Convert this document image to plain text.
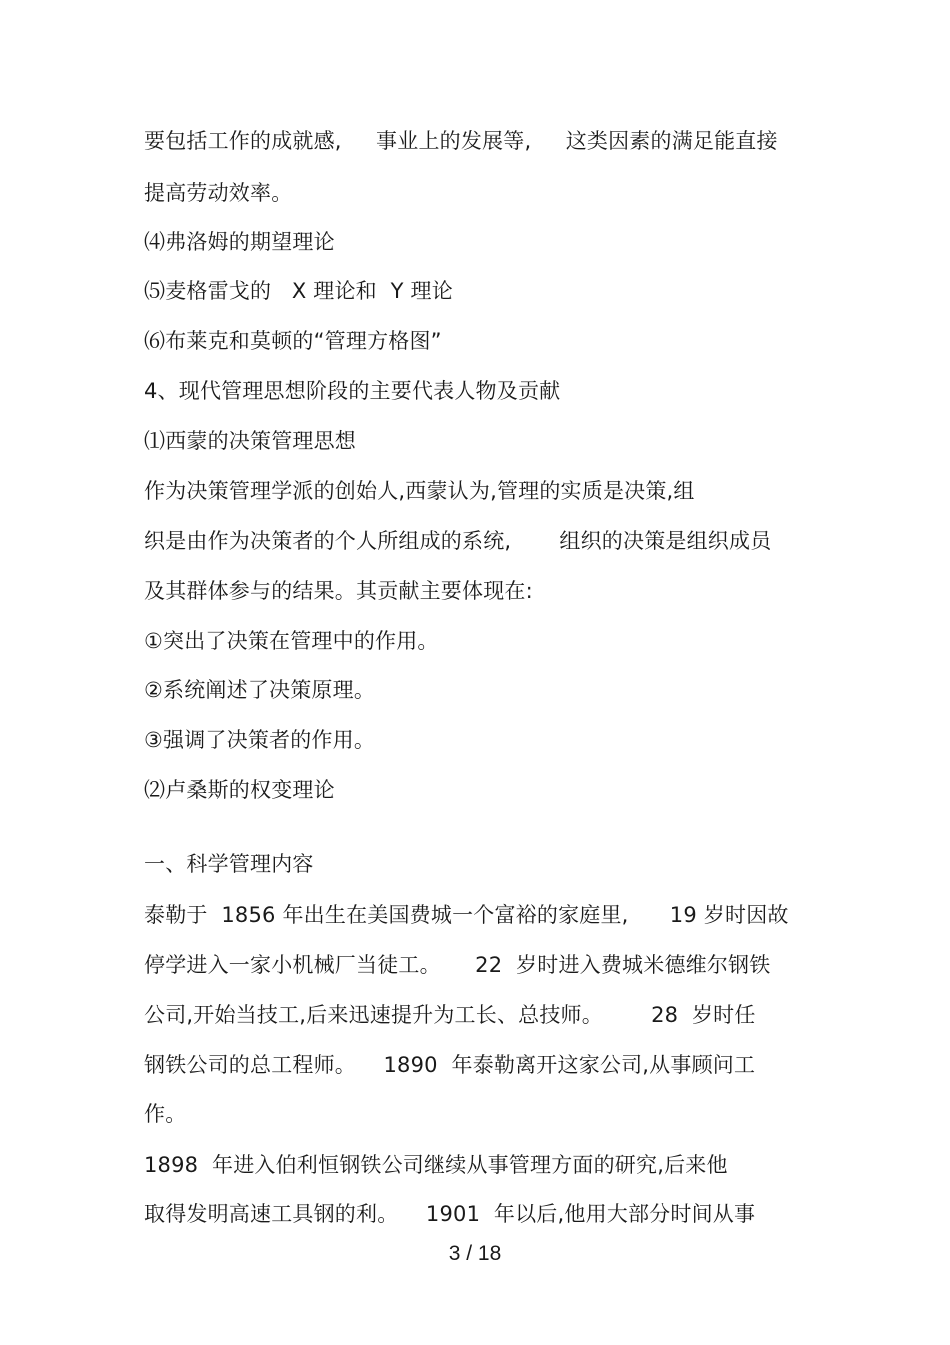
要包括工作的成就感,     事业上的发展等,     这类因素的满足能直接
提高劳动效率。
⑷弗洛姆的期望理论
⑸麦格雷戈的   X 理论和  Y 理论
⑹布莱克和莫顿的“管理方格图”
4、现代管理思想阶段的主要代表人物及贡献
⑴西蒙的决策管理思想
作为决策管理学派的创始人,西蒙认为,管理的实质是决策,组
织是由作为决策者的个人所组成的系统,       组织的决策是组织成员
及其群体参与的结果。其贡献主要体现在:
①突出了决策在管理中的作用。
②系统阐述了决策原理。
③强调了决策者的作用。
⑵卢桑斯的权变理论
一、科学管理内容
泰勒于  1856 年出生在美国费城一个富裕的家庭里,      19 岁时因故
停学进入一家小机械厂当徒工。     22  岁时进入费城米德维尔钢铁
公司,开始当技工,后来迅速提升为工长、总技师。       28  岁时任
钢铁公司的总工程师。    1890  年泰勒离开这家公司,从事顾问工
作。
1898  年进入伯利恒钢铁公司继续从事管理方面的研究,后来他
取得发明高速工具钢的利。    1901  年以后,他用大部分时间从事
3 / 18
